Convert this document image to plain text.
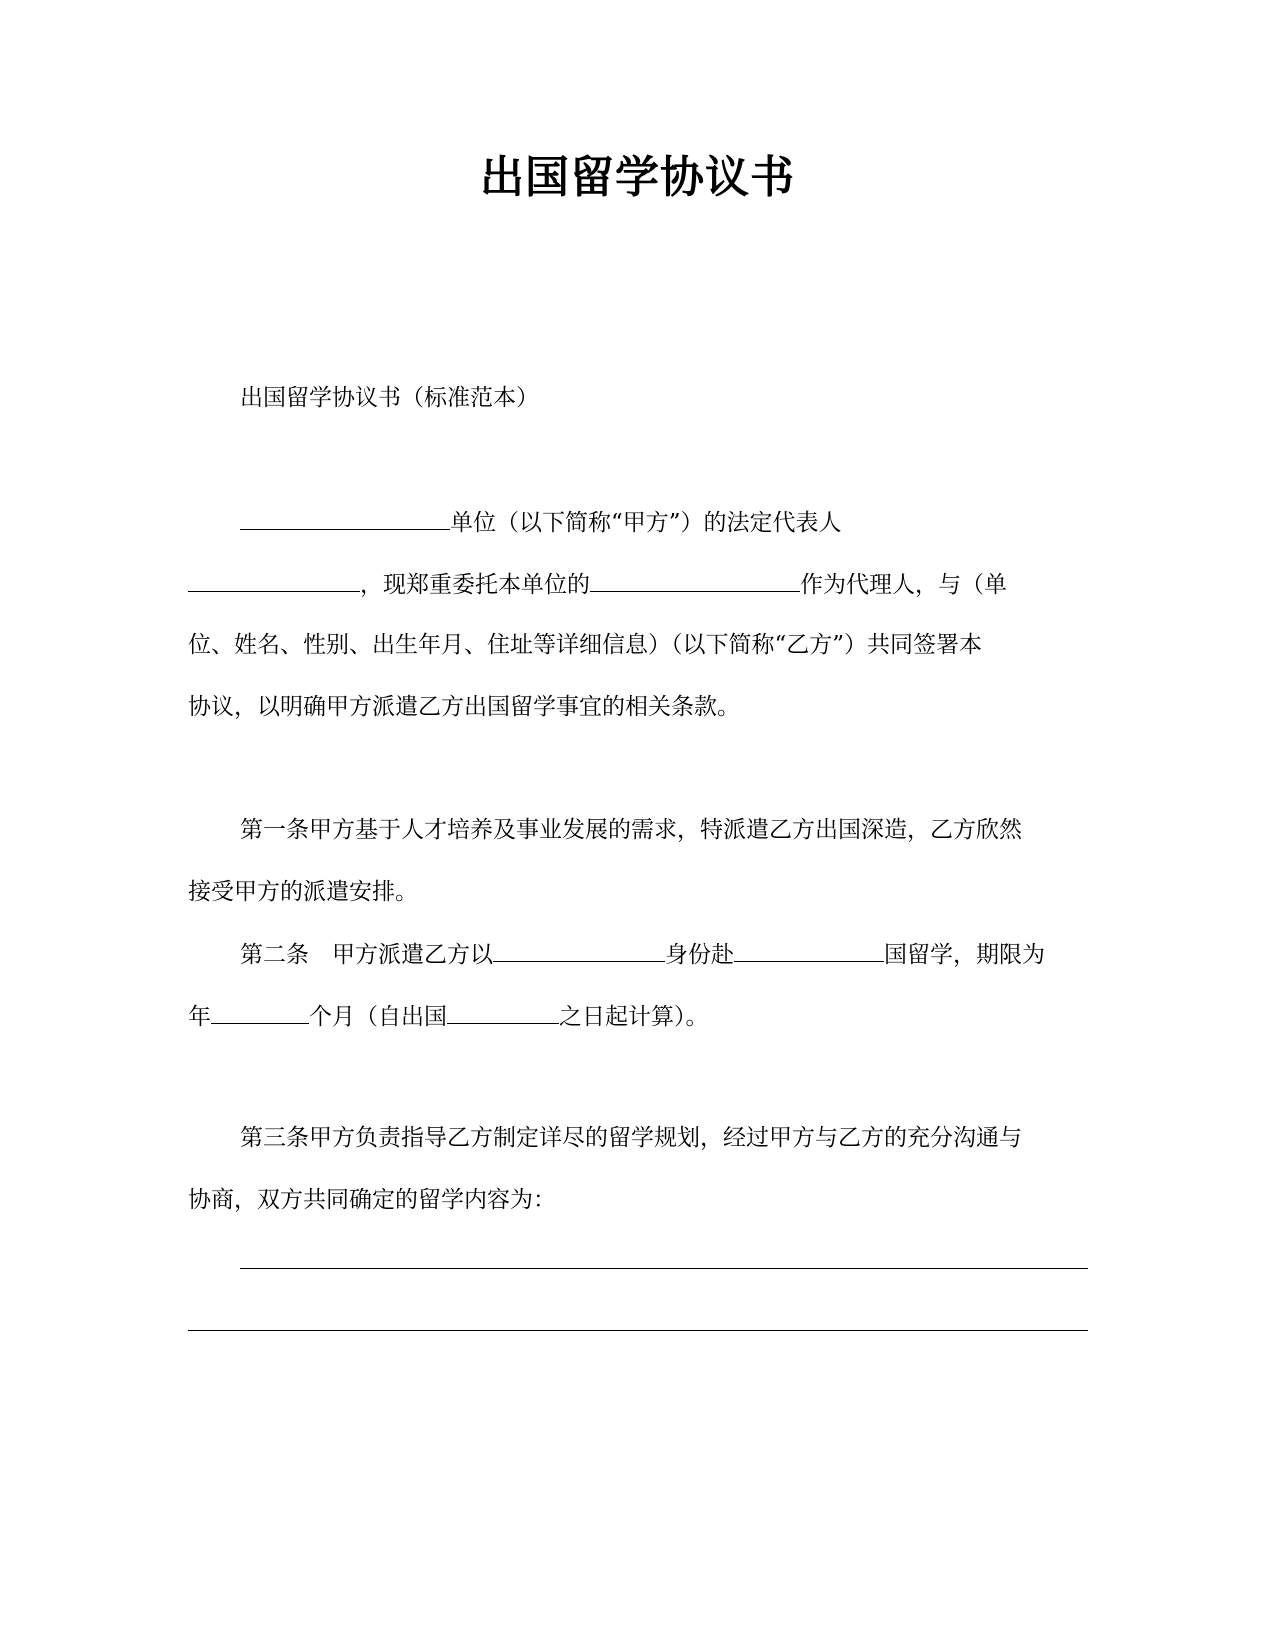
出国留学协议书
出国留学协议书（标准范本）
单位（以下简称“甲方”）的法定代表人
，现郑重委托本单位的	作为代理人，与（单
位、姓名、性别、出生年月、住址等详细信息）（以下简称“乙方”）共同签署本
协议，以明确甲方派遣乙方出国留学事宜的相关条款。
第一条甲方基于人才培养及事业发展的需求，特派遣乙方出国深造，乙方欣然
接受甲方的派遣安排。
第二条　甲方派遣乙方以	身份赴	国留学，期限为
年	个月（自出国	之日起计算）。
第三条甲方负责指导乙方制定详尽的留学规划，经过甲方与乙方的充分沟通与
协商，双方共同确定的留学内容为：
